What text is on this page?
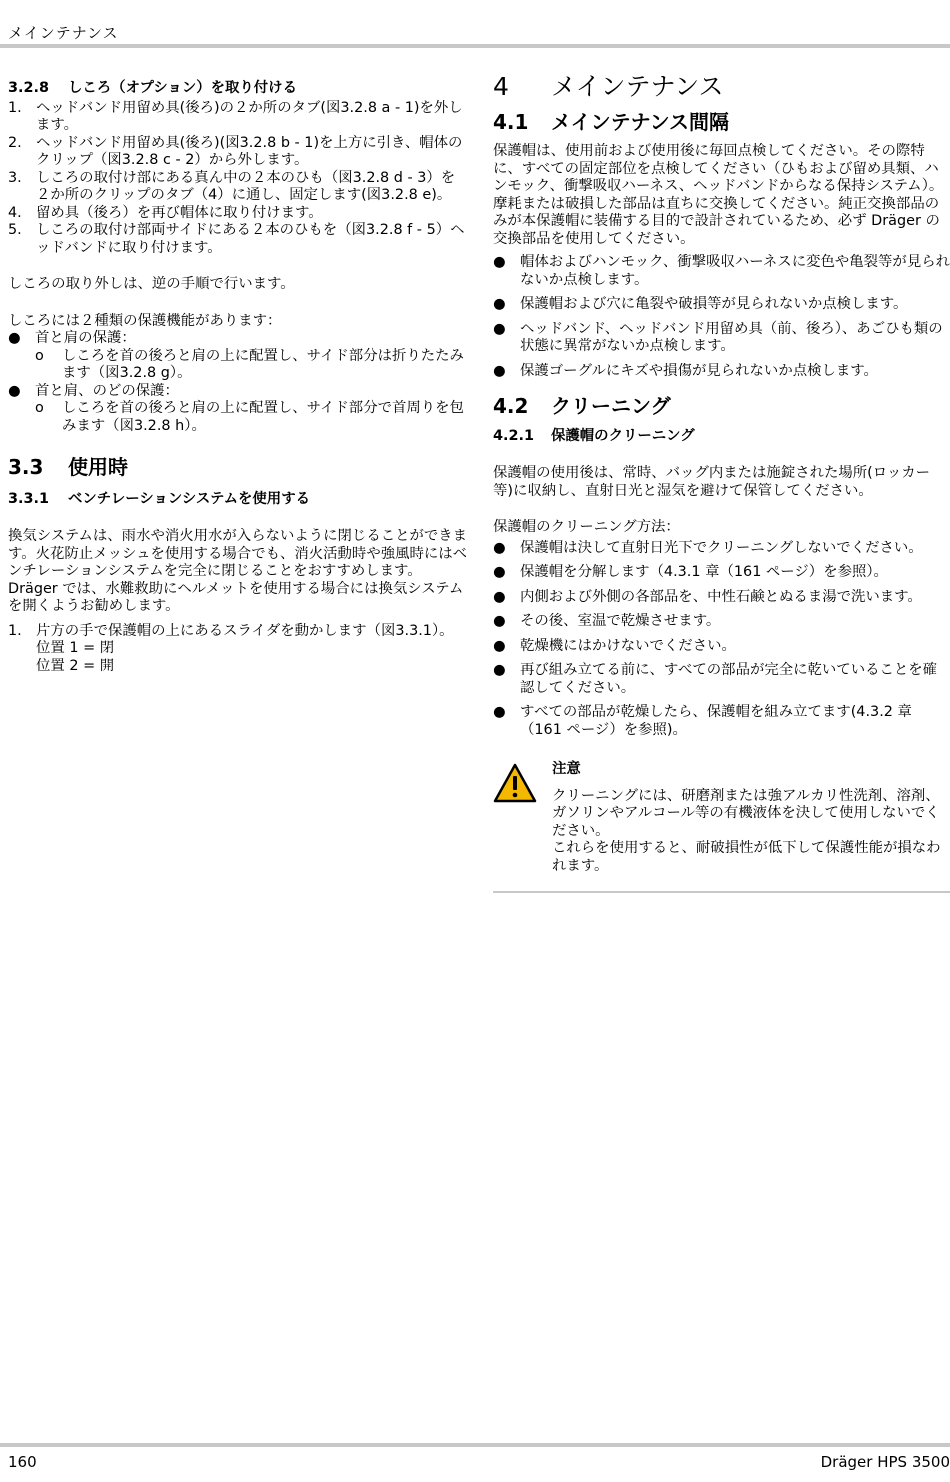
メインテナンス
3.2.8	しころ（オプション）を取り付ける
1. ヘッドバンド用留め具(後ろ)の２か所のタブ(図3.2.8 a - 1)を外します。
2. ヘッドバンド用留め具(後ろ)(図3.2.8 b - 1)を上方に引き、帽体のクリップ（図3.2.8 c - 2）から外します。
3. しころの取付け部にある真ん中の２本のひも（図3.2.8 d - 3）を２か所のクリップのタブ（4）に通し、固定します(図3.2.8 e)。
4. 留め具（後ろ）を再び帽体に取り付けます。
5. しころの取付け部両サイドにある２本のひもを（図3.2.8 f - 5）ヘッドバンドに取り付けます。

しころの取り外しは、逆の手順で行います。

しころには２種類の保護機能があります：

●	首と肩の保護：
o	しころを首の後ろと肩の上に配置し、サイド部分は折りたたみます（図3.2.8 g）。
●	首と肩、のどの保護：
o	しころを首の後ろと肩の上に配置し、サイド部分で首周りを包みます（図3.2.8 h）。
3.3	使用時
3.3.1	ベンチレーションシステムを使用する

換気システムは、雨水や消火用水が入らないように閉じることができます。火花防止メッシュを使用する場合でも、消火活動時や強風時にはベンチレーションシステムを完全に閉じることをおすすめします。Dräger では、水難救助にヘルメットを使用する場合には換気システムを開くようお勧めします。

1. 片方の手で保護帽の上にあるスライダを動かします（図3.3.1）。
位置 1 = 閉
位置 2 = 開
4	メインテナンス
4.1	メインテナンス間隔

保護帽は、使用前および使用後に毎回点検してください。その際特に、すべての固定部位を点検してください（ひもおよび留め具類、ハンモック、衝撃吸収ハーネス、ヘッドバンドからなる保持システム）。摩耗または破損した部品は直ちに交換してください。純正交換部品のみが本保護帽に装備する目的で設計されているため、必ず Dräger の交換部品を使用してください。

●	帽体およびハンモック、衝撃吸収ハーネスに変色や亀裂等が見られないか点検します。
●	保護帽および穴に亀裂や破損等が見られないか点検します。
●	ヘッドバンド、ヘッドバンド用留め具（前、後ろ）、あごひも類の状態に異常がないか点検します。
●	保護ゴーグルにキズや損傷が見られないか点検します。
4.2	クリーニング
4.2.1	保護帽のクリーニング

保護帽の使用後は、常時、バッグ内または施錠された場所(ロッカー等)に収納し、直射日光と湿気を避けて保管してください。

保護帽のクリーニング方法：

●	保護帽は決して直射日光下でクリーニングしないでください。
●	保護帽を分解します（4.3.1 章（161 ページ）を参照）。
●	内側および外側の各部品を、中性石鹸とぬるま湯で洗います。
●	その後、室温で乾燥させます。
●	乾燥機にはかけないでください。
●	再び組み立てる前に、すべての部品が完全に乾いていることを確認してください。
●	すべての部品が乾燥したら、保護帽を組み立てます(4.3.2 章（161 ページ）を参照)。
注意

クリーニングには、研磨剤または強アルカリ性洗剤、溶剤、ガソリンやアルコール等の有機液体を決して使用しないでください。

これらを使用すると、耐破損性が低下して保護性能が損なわれます。

160	Dräger HPS 3500
